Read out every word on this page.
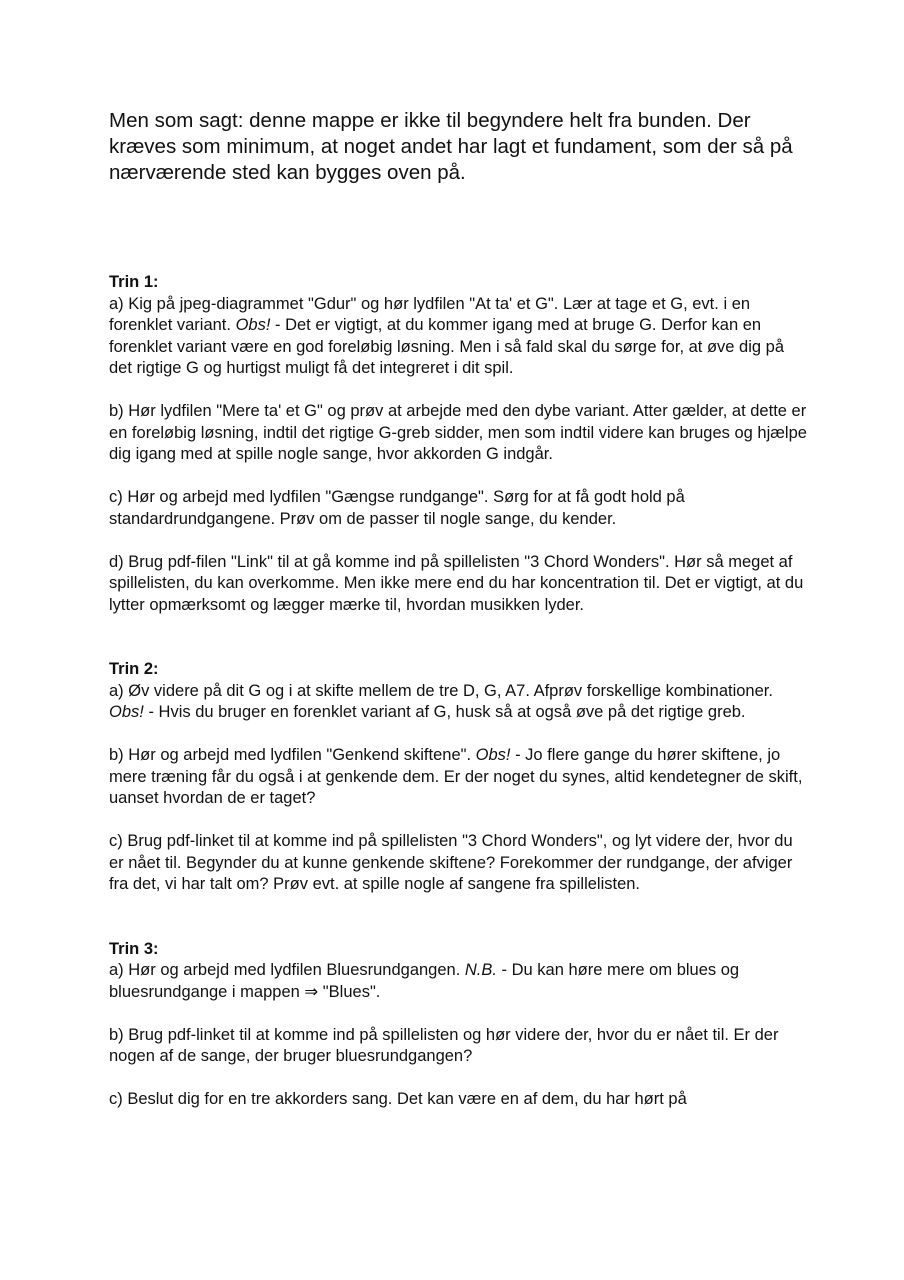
Men som sagt: denne mappe er ikke til begyndere helt fra bunden. Der kræves som minimum, at noget andet har lagt et fundament, som der så på nærværende sted kan bygges oven på.

Trin 1:

a) Kig på jpeg-diagrammet "Gdur" og hør lydfilen "At ta' et G". Lær at tage et G, evt. i en forenklet variant. Obs! - Det er vigtigt, at du kommer igang med at bruge G. Derfor kan en forenklet variant være en god foreløbig løsning. Men i så fald skal du sørge for, at øve dig på det rigtige G og hurtigst muligt få det integreret i dit spil.

b) Hør lydfilen "Mere ta' et G" og prøv at arbejde med den dybe variant. Atter gælder, at dette er en foreløbig løsning, indtil det rigtige G-greb sidder, men som indtil videre kan bruges og hjælpe dig igang med at spille nogle sange, hvor akkorden G indgår.

c) Hør og arbejd med lydfilen "Gængse rundgange". Sørg for at få godt hold på standardrundgangene. Prøv om de passer til nogle sange, du kender.

d) Brug pdf-filen "Link" til at gå komme ind på spillelisten "3 Chord Wonders". Hør så meget af spillelisten, du kan overkomme. Men ikke mere end du har koncentration til. Det er vigtigt, at du lytter opmærksomt og lægger mærke til, hvordan musikken lyder.

Trin 2:

a) Øv videre på dit G og i at skifte mellem de tre D, G, A7. Afprøv forskellige kombinationer. Obs! - Hvis du bruger en forenklet variant af G, husk så at også øve på det rigtige greb.

b) Hør og arbejd med lydfilen "Genkend skiftene". Obs! - Jo flere gange du hører skiftene, jo mere træning får du også i at genkende dem. Er der noget du synes, altid kendetegner de skift, uanset hvordan de er taget?

c) Brug pdf-linket til at komme ind på spillelisten "3 Chord Wonders", og lyt videre der, hvor du er nået til. Begynder du at kunne genkende skiftene? Forekommer der rundgange, der afviger fra det, vi har talt om? Prøv evt. at spille nogle af sangene fra spillelisten.

Trin 3:

a) Hør og arbejd med lydfilen Bluesrundgangen. N.B. - Du kan høre mere om blues og bluesrundgange i mappen ⇒ "Blues".

b) Brug pdf-linket til at komme ind på spillelisten og hør videre der, hvor du er nået til. Er der nogen af de sange, der bruger bluesrundgangen?

c) Beslut dig for en tre akkorders sang. Det kan være en af dem, du har hørt på
